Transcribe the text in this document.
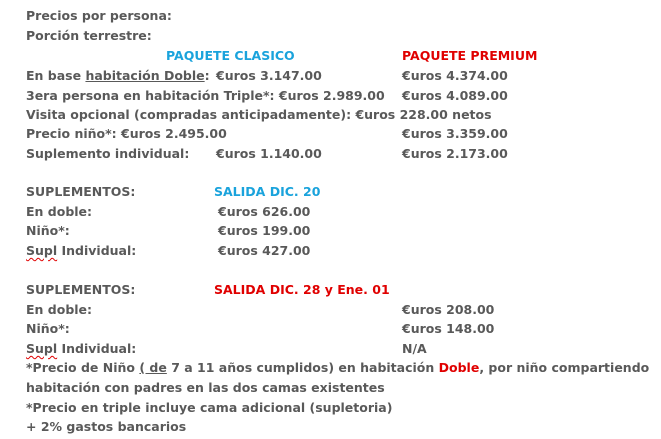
Precios por persona:
Porción terrestre:
PAQUETE CLASICO	PAQUETE PREMIUM
En base habitación Doble: €uros 3.147.00	€uros 4.374.00
3era persona en habitación Triple*: €uros 2.989.00 €uros 4.089.00
Visita opcional (compradas anticipadamente): €uros 228.00 netos
Precio niño*: €uros 2.495.00	€uros 3.359.00
Suplemento individual: €uros 1.140.00	€uros 2.173.00
SUPLEMENTOS:	SALIDA DIC. 20
En doble:	€uros 626.00
Niño*:	€uros 199.00
Supl Individual:	€uros 427.00
SUPLEMENTOS:	SALIDA DIC. 28 y Ene. 01
En doble:	€uros 208.00
Niño*:	€uros 148.00
Supl Individual:	N/A
*Precio de Niño ( de 7 a 11 años cumplidos) en habitación Doble, por niño compartiendo
habitación con padres en las dos camas existentes
*Precio en triple incluye cama adicional (supletoria)
+ 2% gastos bancarios
